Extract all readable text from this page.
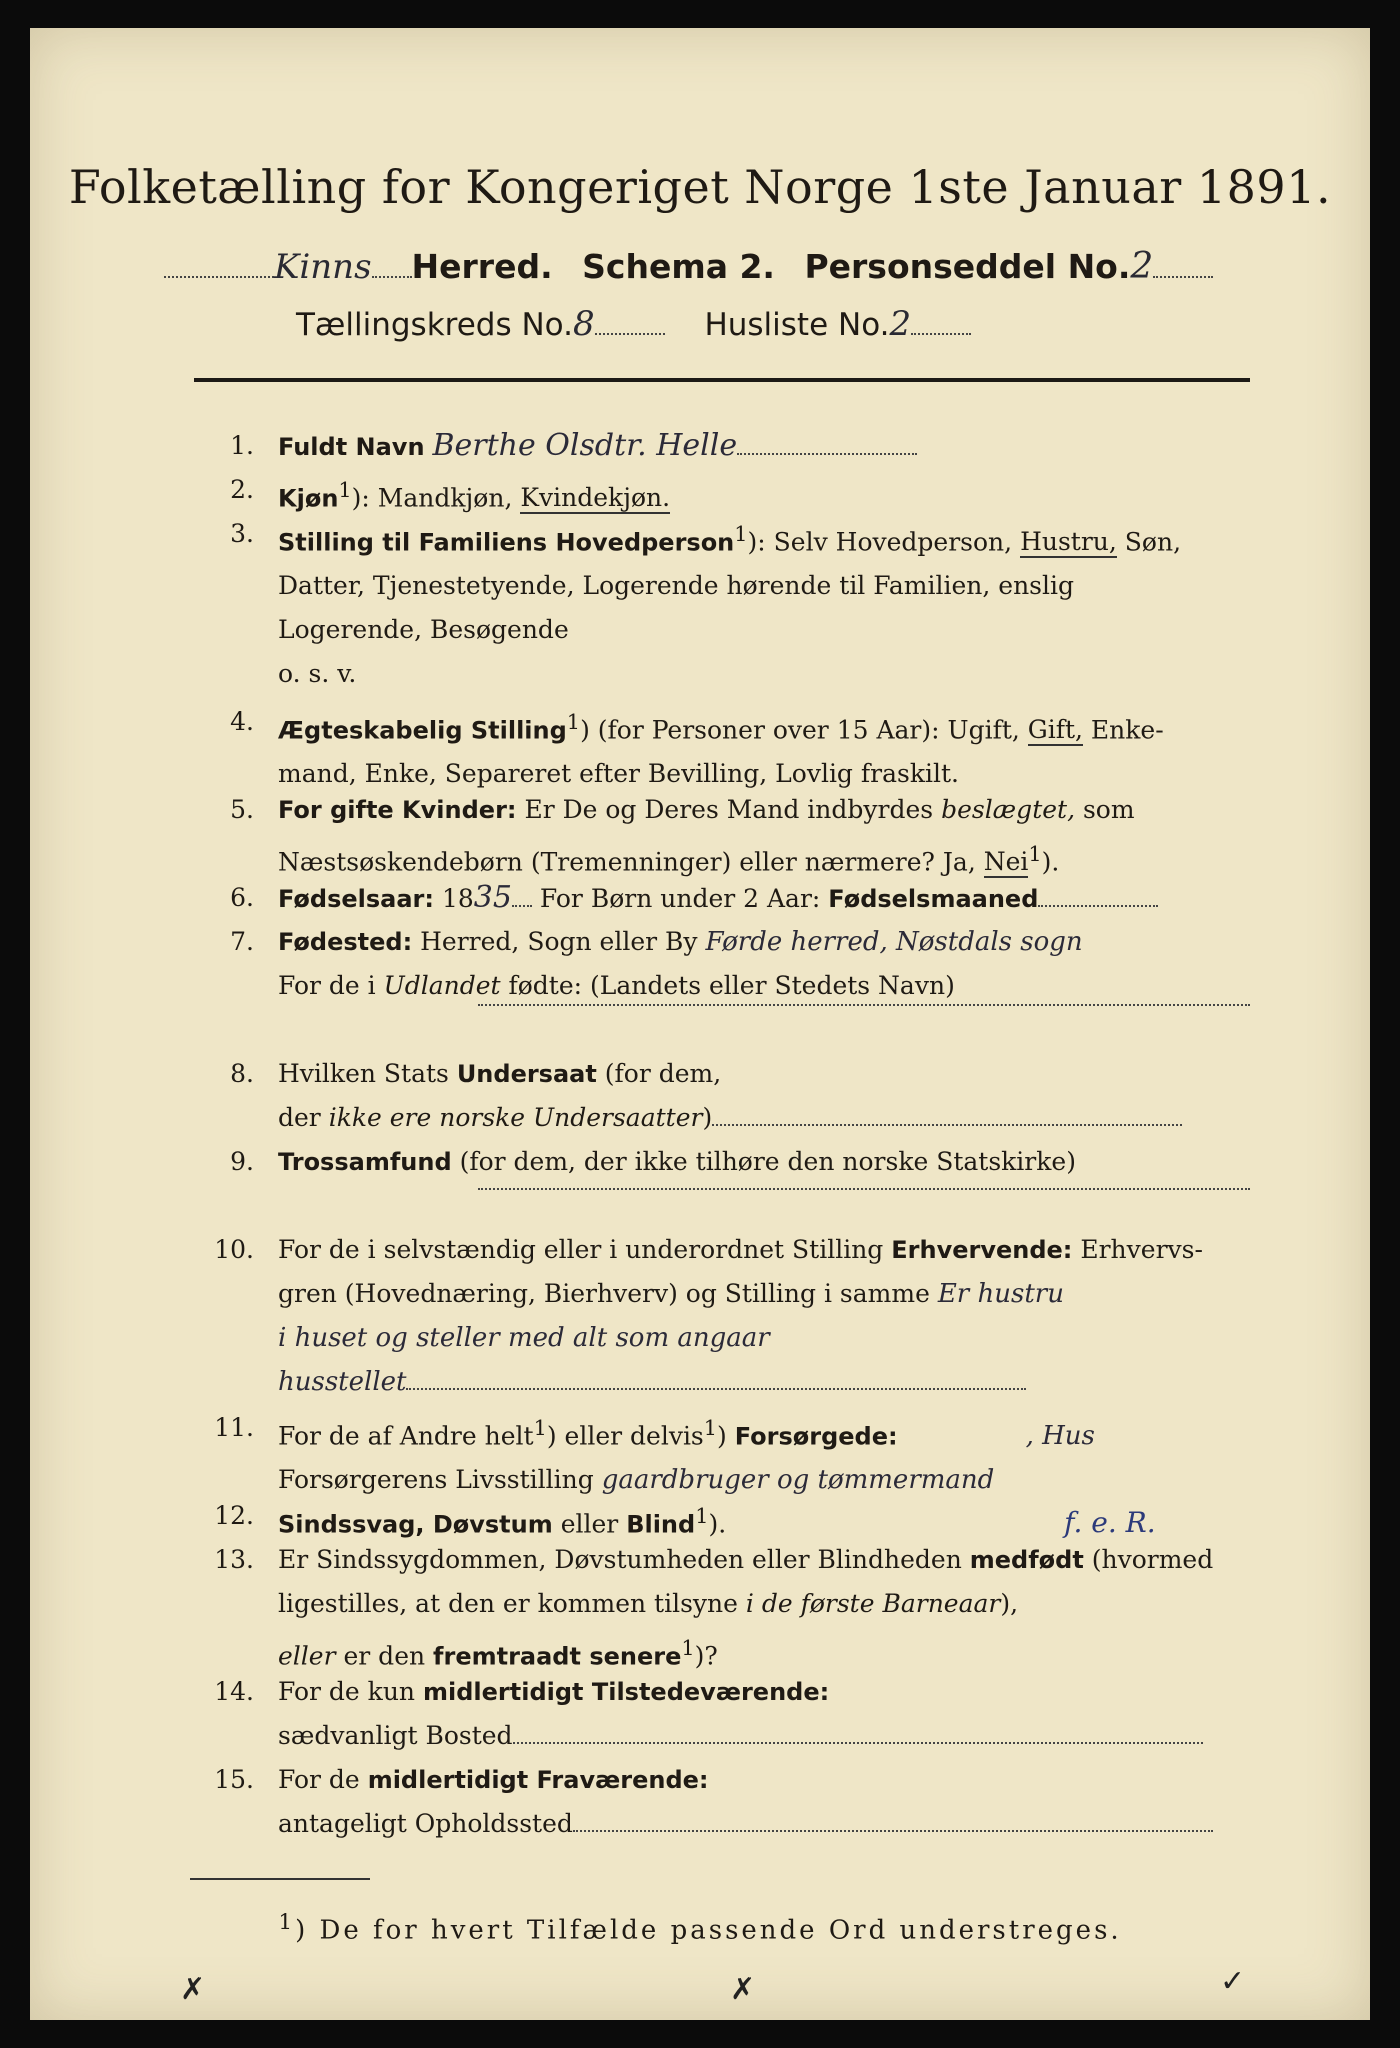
Folketælling for Kongeriget Norge 1ste Januar 1891.
Kinns Herred. Schema 2. Personseddel No.2
Tællingskreds No.8	Husliste No.2
1. Fuldt Navn Berthe Olsdtr. Helle
2. Kjøn$^1$): Mandkjøn, Kvindekjøn.
3. Stilling til Familiens Hovedperson$^1$): Selv Hovedperson, Hustru, Søn,
Datter, Tjenestetyende, Logerende hørende til Familien, enslig
Logerende, Besøgende
o. s. v.
4. Ægteskabelig Stilling$^1$) (for Personer over 15 Aar): Ugift, Gift, Enke-
mand, Enke, Separeret efter Bevilling, Lovlig fraskilt.
5. For gifte Kvinder: Er De og Deres Mand indbyrdes beslægtet, som
Næstsøskendebørn (Tremenninger) eller nærmere? Ja, Nei$^1$).
6. Fødselsaar: 1835 For Børn under 2 Aar: Fødselsmaaned
7. Fødested: Herred, Sogn eller By Førde herred, Nøstdals sogn
For de i Udlandet fødte: (Landets eller Stedets Navn)
8. Hvilken Stats Undersaat (for dem,
der ikke ere norske Undersaatter)
9. Trossamfund (for dem, der ikke tilhøre den norske Statskirke)
10. For de i selvstændig eller i underordnet Stilling Erhvervende: Erhvervs-
gren (Hovednæring, Bierhverv) og Stilling i samme Er hustru
i huset og steller med alt som angaar
husstellet
11. For de af Andre helt$^1$) eller delvis$^1$) Forsørgede:	, Hus
Forsørgerens Livsstilling gaardbruger og tømmermand
12. Sindssvag, Døvstum eller Blind$^1$).	f. e. R.
13. Er Sindssygdommen, Døvstumheden eller Blindheden medfødt (hvormed
ligestilles, at den er kommen tilsyne i de første Barneaar),
eller er den fremtraadt senere$^1$)?
14. For de kun midlertidigt Tilstedeværende:
sædvanligt Bosted
15. For de midlertidigt Fraværende:
antageligt Opholdssted
$^1$) De for hvert Tilfælde passende Ord understreges.
✗	✗	✓
